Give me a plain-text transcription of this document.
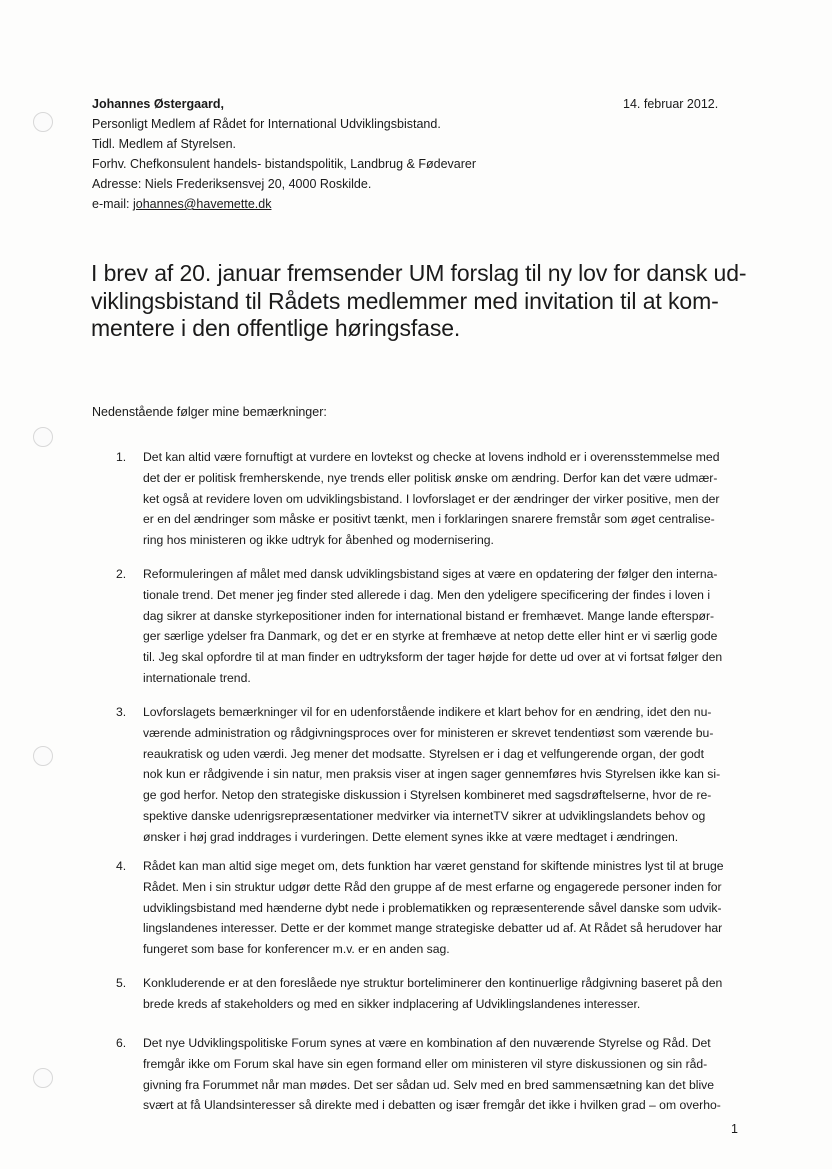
Johannes Østergaard,
Personligt Medlem af Rådet for International Udviklingsbistand.
Tidl. Medlem af Styrelsen.
Forhv. Chefkonsulent handels- bistandspolitik, Landbrug & Fødevarer
Adresse: Niels Frederiksensvej 20, 4000 Roskilde.
e-mail: johannes@havemette.dk
14. februar 2012.
I brev af 20. januar fremsender UM forslag til ny lov for dansk ud-
viklingsbistand til Rådets medlemmer med invitation til at kom-
mentere i den offentlige høringsfase.
Nedenstående følger mine bemærkninger:
1. Det kan altid være fornuftigt at vurdere en lovtekst og checke at lovens indhold er i overensstemmelse med
det der er politisk fremherskende, nye trends eller politisk ønske om ændring. Derfor kan det være udmær-
ket også at revidere loven om udviklingsbistand. I lovforslaget er der ændringer der virker positive, men der
er en del ændringer som måske er positivt tænkt, men i forklaringen snarere fremstår som øget centralise-
ring hos ministeren og ikke udtryk for åbenhed og modernisering.
2. Reformuleringen af målet med dansk udviklingsbistand siges at være en opdatering der følger den interna-
tionale trend. Det mener jeg finder sted allerede i dag. Men den ydeligere specificering der findes i loven i
dag sikrer at danske styrkepositioner inden for international bistand er fremhævet. Mange lande efterspør-
ger særlige ydelser fra Danmark, og det er en styrke at fremhæve at netop dette eller hint er vi særlig gode
til. Jeg skal opfordre til at man finder en udtryksform der tager højde for dette ud over at vi fortsat følger den
internationale trend.
3. Lovforslagets bemærkninger vil for en udenforstående indikere et klart behov for en ændring, idet den nu-
værende administration og rådgivningsproces over for ministeren er skrevet tendentiøst som værende bu-
reaukratisk og uden værdi. Jeg mener det modsatte. Styrelsen er i dag et velfungerende organ, der godt
nok kun er rådgivende i sin natur, men praksis viser at ingen sager gennemføres hvis Styrelsen ikke kan si-
ge god herfor. Netop den strategiske diskussion i Styrelsen kombineret med sagsdrøftelserne, hvor de re-
spektive danske udenrigsrepræsentationer medvirker via internetTV sikrer at udviklingslandets behov og
ønsker i høj grad inddrages i vurderingen. Dette element synes ikke at være medtaget i ændringen.
4. Rådet kan man altid sige meget om, dets funktion har været genstand for skiftende ministres lyst til at bruge
Rådet. Men i sin struktur udgør dette Råd den gruppe af de mest erfarne og engagerede personer inden for
udviklingsbistand med hænderne dybt nede i problematikken og repræsenterende såvel danske som udvik-
lingslandenes interesser. Dette er der kommet mange strategiske debatter ud af. At Rådet så herudover har
fungeret som base for konferencer m.v. er en anden sag.
5. Konkluderende er at den foreslåede nye struktur borteliminerer den kontinuerlige rådgivning baseret på den
brede kreds af stakeholders og med en sikker indplacering af Udviklingslandenes interesser.
6. Det nye Udviklingspolitiske Forum synes at være en kombination af den nuværende Styrelse og Råd. Det
fremgår ikke om Forum skal have sin egen formand eller om ministeren vil styre diskussionen og sin råd-
givning fra Forummet når man mødes. Det ser sådan ud. Selv med en bred sammensætning kan det blive
svært at få Ulandsinteresser så direkte med i debatten og især fremgår det ikke i hvilken grad – om overho-
1
